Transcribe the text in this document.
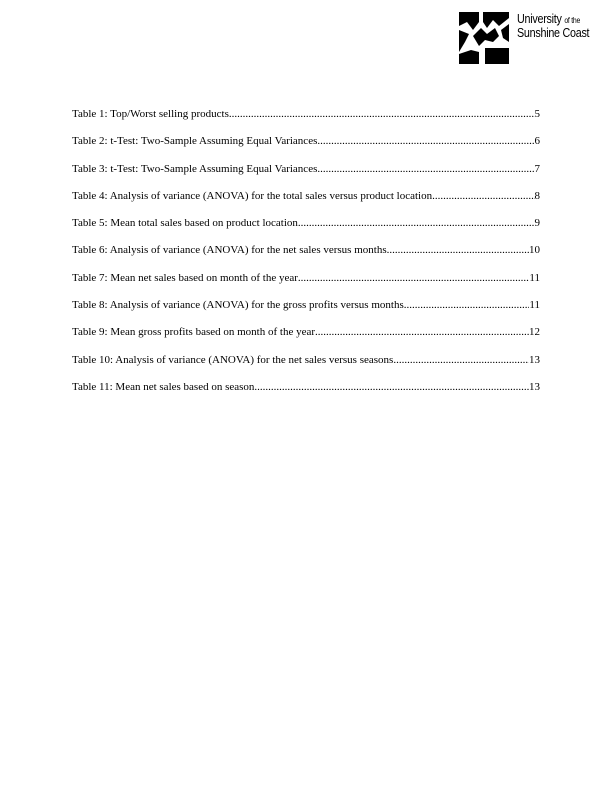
University of the
Sunshine Coast
Table 1: Top/Worst selling products .....	5
Table 2: t-Test: Two-Sample Assuming Equal Variances .....	6
Table 3: t-Test: Two-Sample Assuming Equal Variances .....	7
Table 4: Analysis of variance (ANOVA) for the total sales versus product location .....	8
Table 5: Mean total sales based on product location .....	9
Table 6: Analysis of variance (ANOVA) for the net sales versus months .....	10
Table 7: Mean net sales based on month of the year .....	11
Table 8: Analysis of variance (ANOVA) for the gross profits versus months .....	11
Table 9: Mean gross profits based on month of the year .....	12
Table 10: Analysis of variance (ANOVA) for the net sales versus seasons .....	13
Table 11: Mean net sales based on season .....	13
